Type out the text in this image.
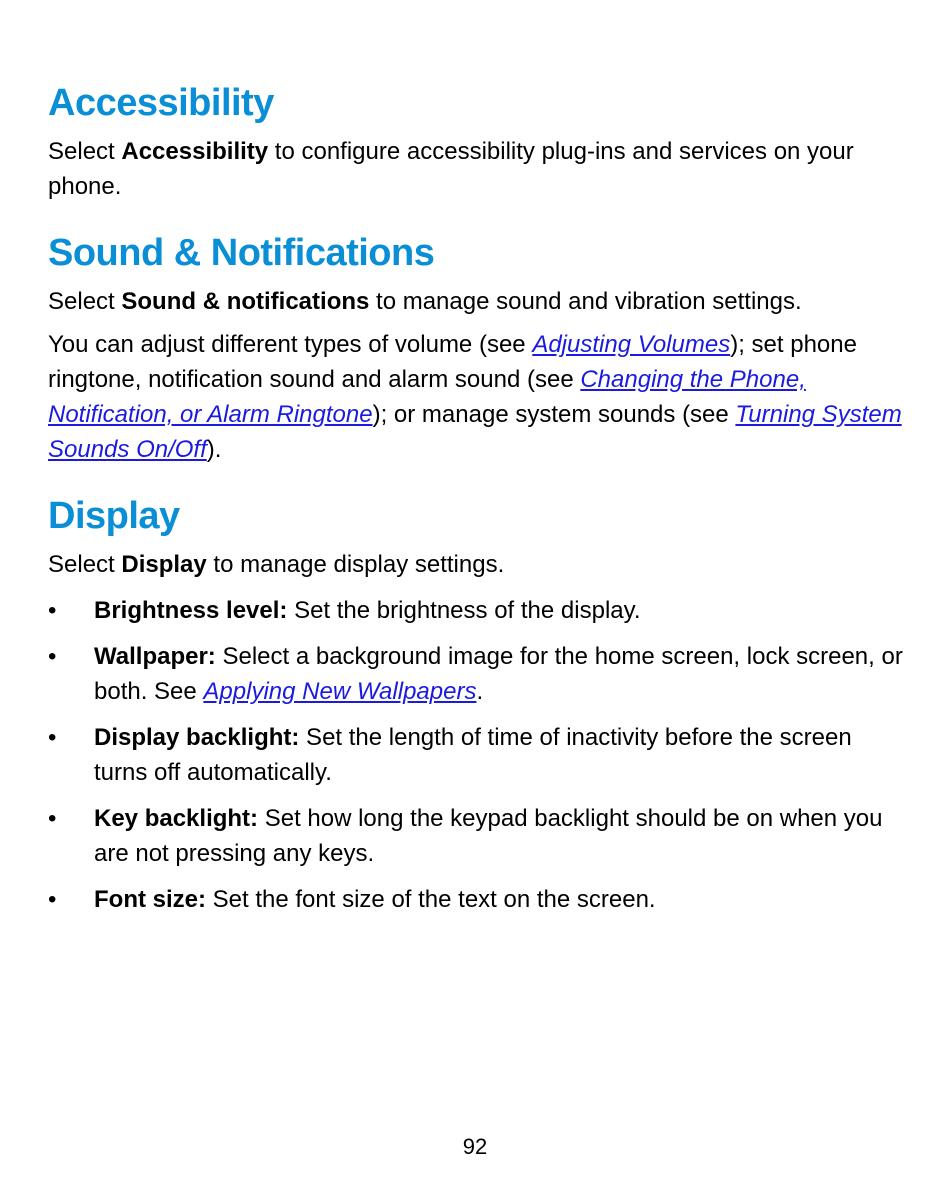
Accessibility

Select Accessibility to configure accessibility plug-ins and services on your phone.

Sound & Notifications

Select Sound & notifications to manage sound and vibration settings.

You can adjust different types of volume (see Adjusting Volumes); set phone ringtone, notification sound and alarm sound (see Changing the Phone, Notification, or Alarm Ringtone); or manage system sounds (see Turning System Sounds On/Off).

Display

Select Display to manage display settings.

•	Brightness level: Set the brightness of the display.
•	Wallpaper: Select a background image for the home screen, lock screen, or both. See Applying New Wallpapers.
•	Display backlight: Set the length of time of inactivity before the screen turns off automatically.
•	Key backlight: Set how long the keypad backlight should be on when you are not pressing any keys.
•	Font size: Set the font size of the text on the screen.
92
